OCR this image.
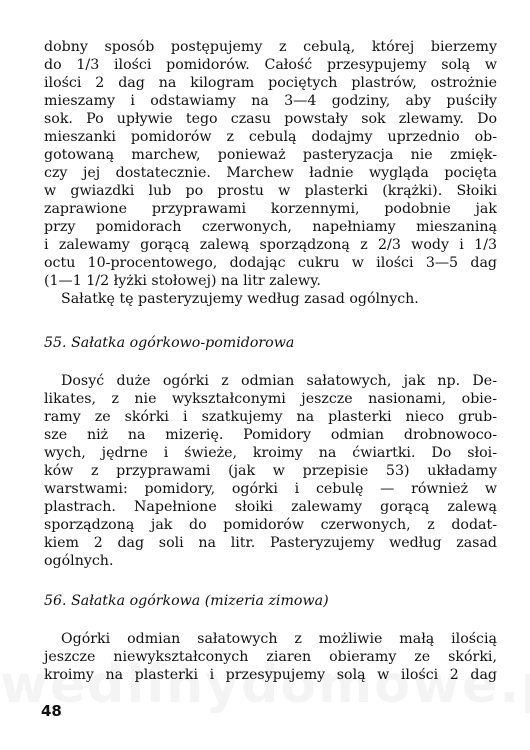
dobny sposób postępujemy z cebulą, której bierzemy
do 1/3 ilości pomidorów. Całość przesypujemy solą w
ilości 2 dag na kilogram pociętych plastrów, ostrożnie
mieszamy i odstawiamy na 3—4 godziny, aby puściły
sok. Po upływie tego czasu powstały sok zlewamy. Do
mieszanki pomidorów z cebulą dodajmy uprzednio ob-
gotowaną marchew, ponieważ pasteryzacja nie zmięk-
czy jej dostatecznie. Marchew ładnie wygląda pocięta
w gwiazdki lub po prostu w plasterki (krążki). Słoiki
zaprawione przyprawami korzennymi, podobnie jak
przy pomidorach czerwonych, napełniamy mieszaniną
i zalewamy gorącą zalewą sporządzoną z 2/3 wody i 1/3
octu 10-procentowego, dodając cukru w ilości 3—5 dag
(1—1 1/2 łyżki stołowej) na litr zalewy.
Sałatkę tę pasteryzujemy według zasad ogólnych.
55. Sałatka ogórkowo-pomidorowa
Dosyć duże ogórki z odmian sałatowych, jak np. De-
likates, z nie wykształconymi jeszcze nasionami, obie-
ramy ze skórki i szatkujemy na plasterki nieco grub-
sze niż na mizerię. Pomidory odmian drobnowoco-
wych, jędrne i świeże, kroimy na ćwiartki. Do słoi-
ków z przyprawami (jak w przepisie 53) układamy
warstwami: pomidory, ogórki i cebulę — również w
plastrach. Napełnione słoiki zalewamy gorącą zalewą
sporządzoną jak do pomidorów czerwonych, z dodat-
kiem 2 dag soli na litr. Pasteryzujemy według zasad
ogólnych.
56. Sałatka ogórkowa (mizeria zimowa)
Ogórki odmian sałatowych z możliwie małą ilością
jeszcze niewykształconych ziaren obieramy ze skórki,
kroimy na plasterki i przesypujemy solą w ilości 2 dag
48
